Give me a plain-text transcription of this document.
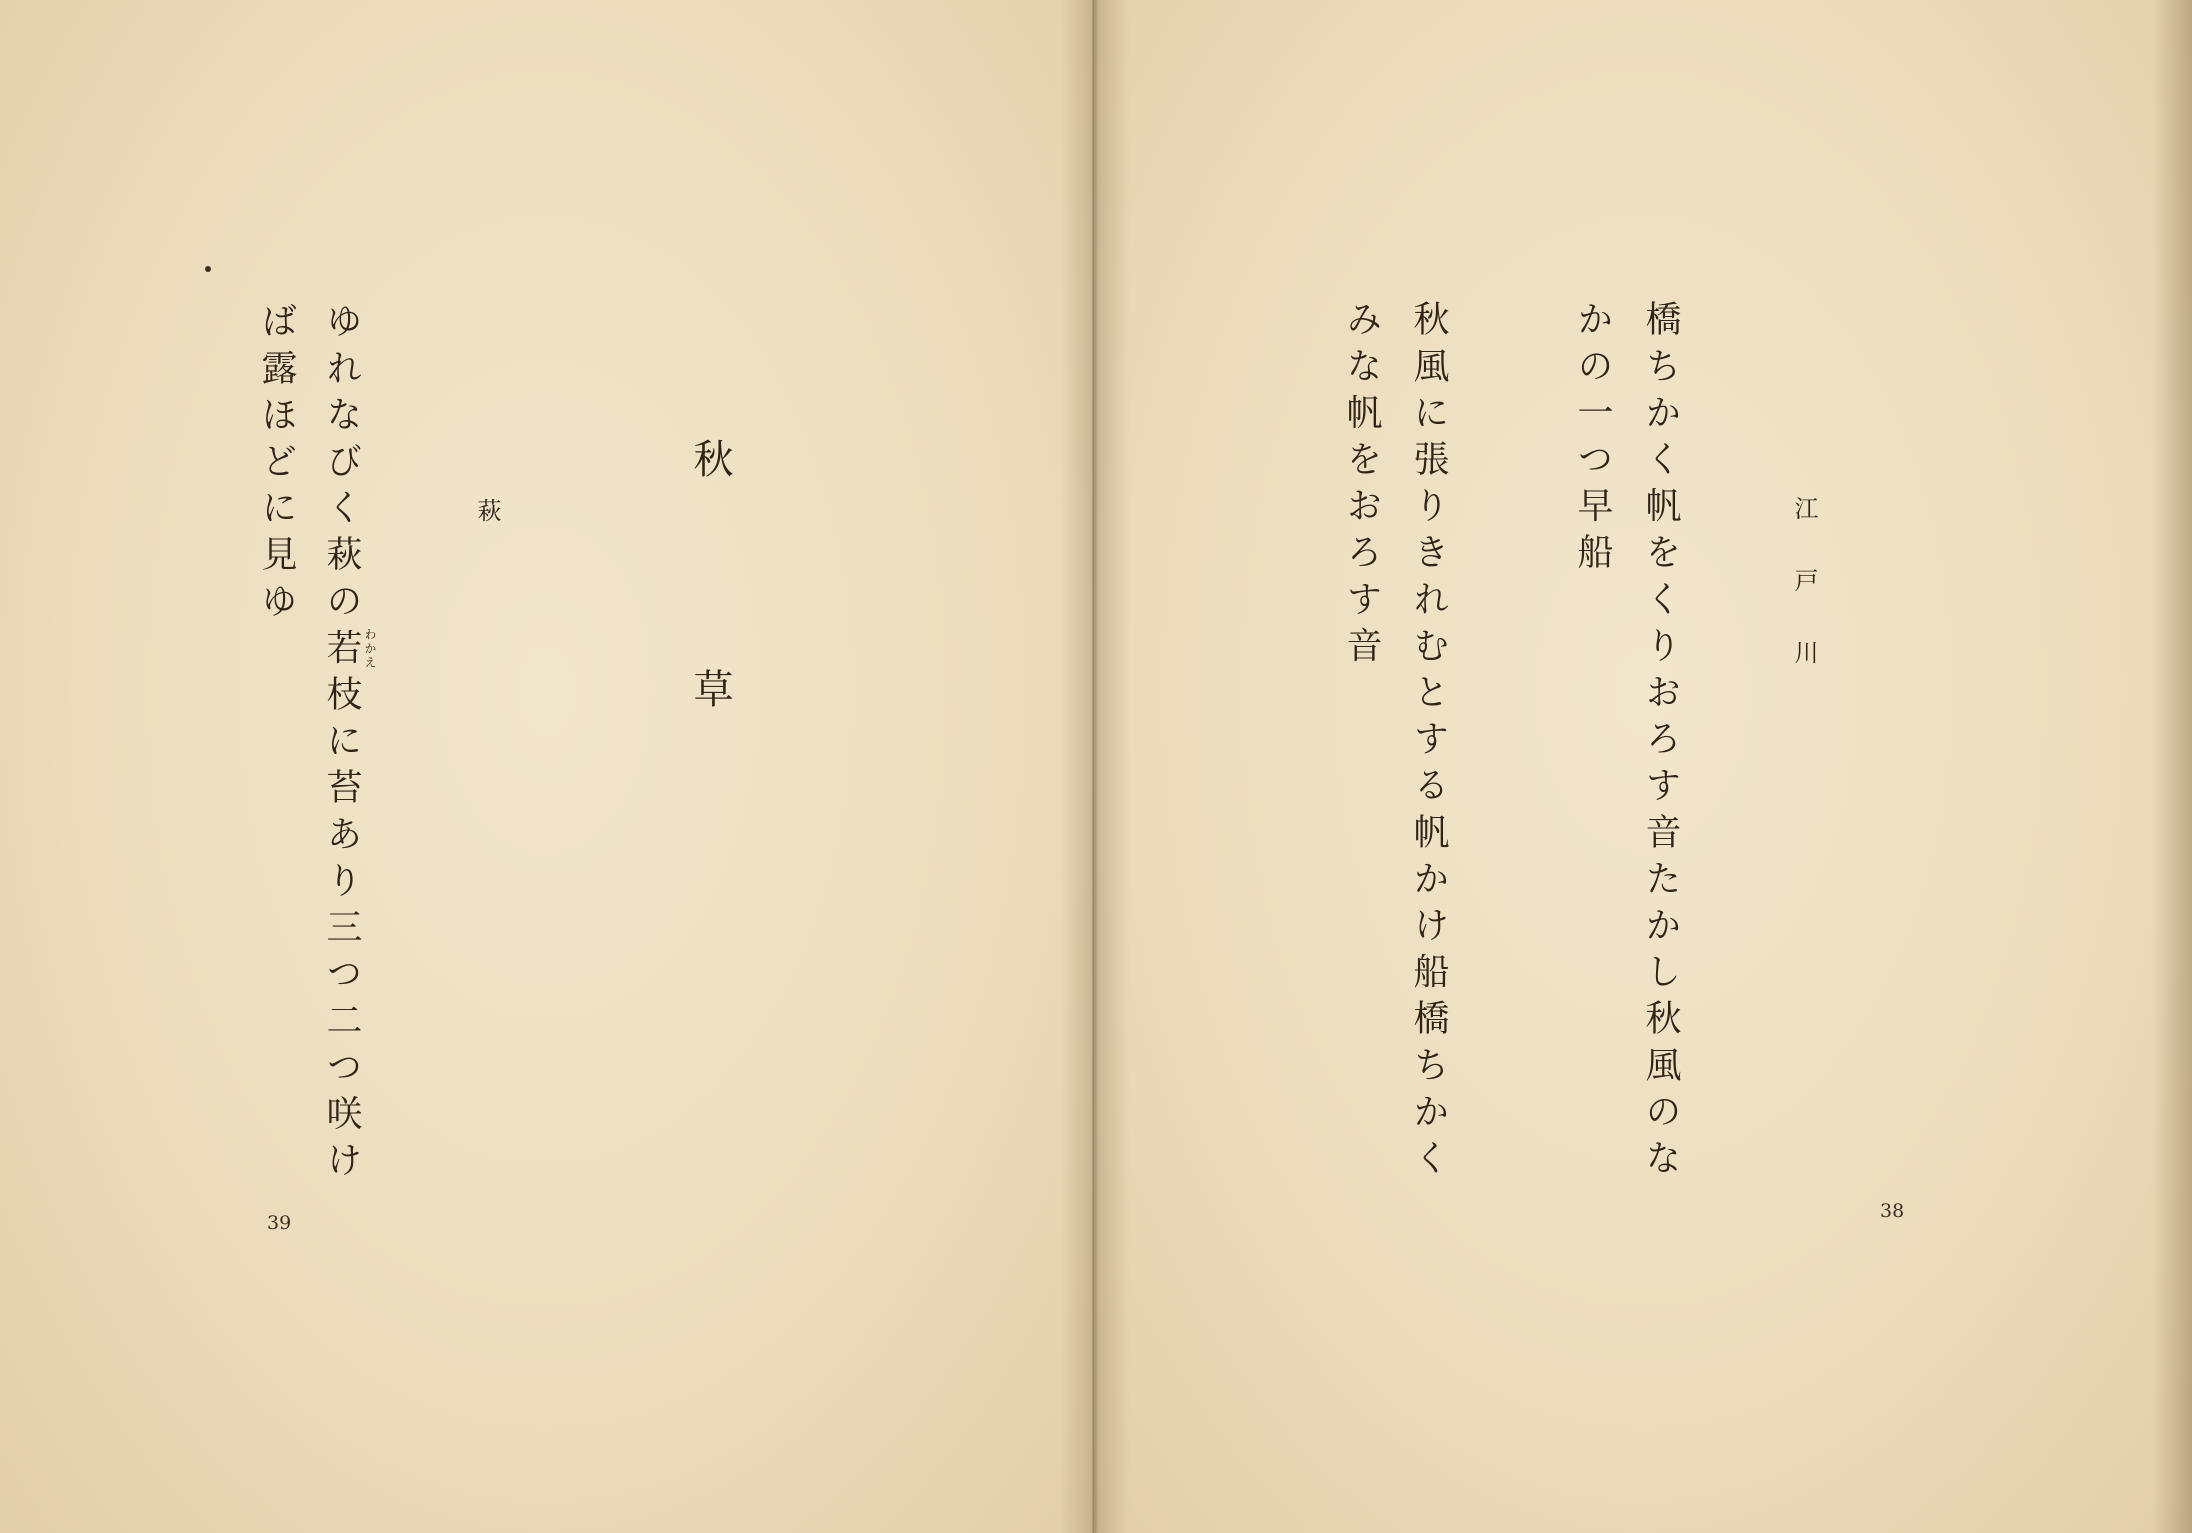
秋草
萩
ゆれなびく萩の若枝に苔あり三つ二つ咲け
ば露ほどに見ゆ
わかえ
39
江戸川
橋ちかく帆をくりおろす音たかし秋風のな
かの一つ早船
秋風に張りきれむとする帆かけ船橋ちかく
みな帆をおろす音
38
